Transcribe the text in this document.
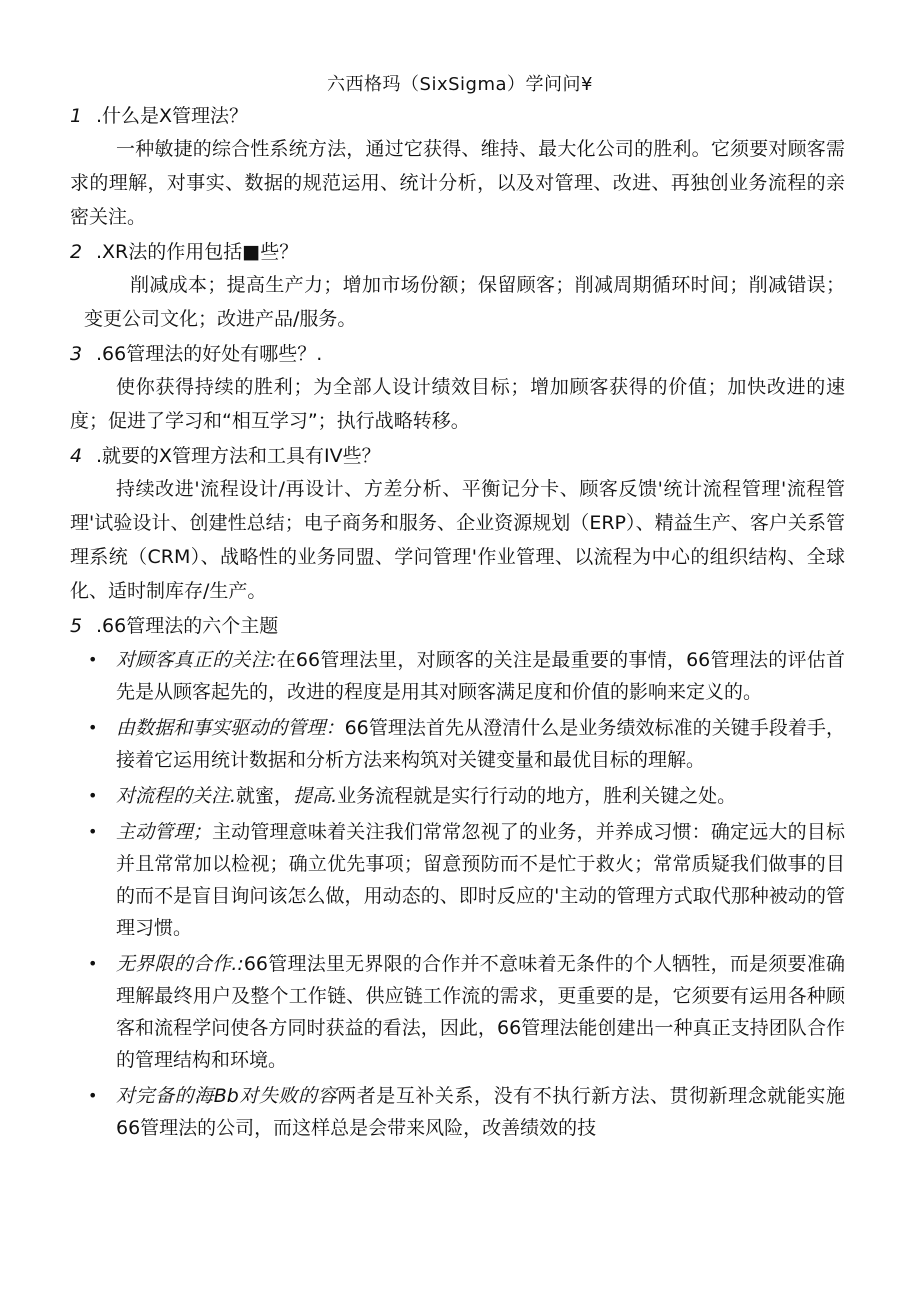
六西格玛（SixSigma）学问问¥

1 .什么是X管理法？

一种敏捷的综合性系统方法，通过它获得、维持、最大化公司的胜利。它须要对顾客需求的理解，对事实、数据的规范运用、统计分析，以及对管理、改进、再独创业务流程的亲密关注。

2 .XR法的作用包括■些？

削减成本；提高生产力；增加市场份额；保留顾客；削减周期循环时间；削减错误；变更公司文化；改进产品/服务。

3 .66管理法的好处有哪些？.

使你获得持续的胜利；为全部人设计绩效目标；增加顾客获得的价值；加快改进的速度；促进了学习和“相互学习”；执行战略转移。

4 .就要的X管理方法和工具有IV些？

持续改进'流程设计/再设计、方差分析、平衡记分卡、顾客反馈'统计流程管理'流程管理'试验设计、创建性总结；电子商务和服务、企业资源规划（ERP）、精益生产、客户关系管理系统（CRM）、战略性的业务同盟、学问管理'作业管理、以流程为中心的组织结构、全球化、适时制库存/生产。

5 .66管理法的六个主题

• 对顾客真正的关注:在66管理法里，对顾客的关注是最重要的事情，66管理法的评估首先是从顾客起先的，改进的程度是用其对顾客满足度和价值的影响来定义的。
• 由数据和事实驱动的管理：66管理法首先从澄清什么是业务绩效标准的关键手段着手，接着它运用统计数据和分析方法来构筑对关键变量和最优目标的理解。
• 对流程的关注.就蜜，提高.业务流程就是实行行动的地方，胜利关键之处。
• 主动管理；主动管理意味着关注我们常常忽视了的业务，并养成习惯：确定远大的目标并且常常加以检视；确立优先事项；留意预防而不是忙于救火；常常质疑我们做事的目的而不是盲目询问该怎么做，用动态的、即时反应的'主动的管理方式取代那种被动的管理习惯。
• 无界限的合作.:66管理法里无界限的合作并不意味着无条件的个人牺牲，而是须要准确理解最终用户及整个工作链、供应链工作流的需求，更重要的是，它须要有运用各种顾客和流程学问使各方同时获益的看法，因此，66管理法能创建出一种真正支持团队合作的管理结构和环境。
• 对完备的海Bb对失败的容两者是互补关系，没有不执行新方法、贯彻新理念就能实施66管理法的公司，而这样总是会带来风险，改善绩效的技
